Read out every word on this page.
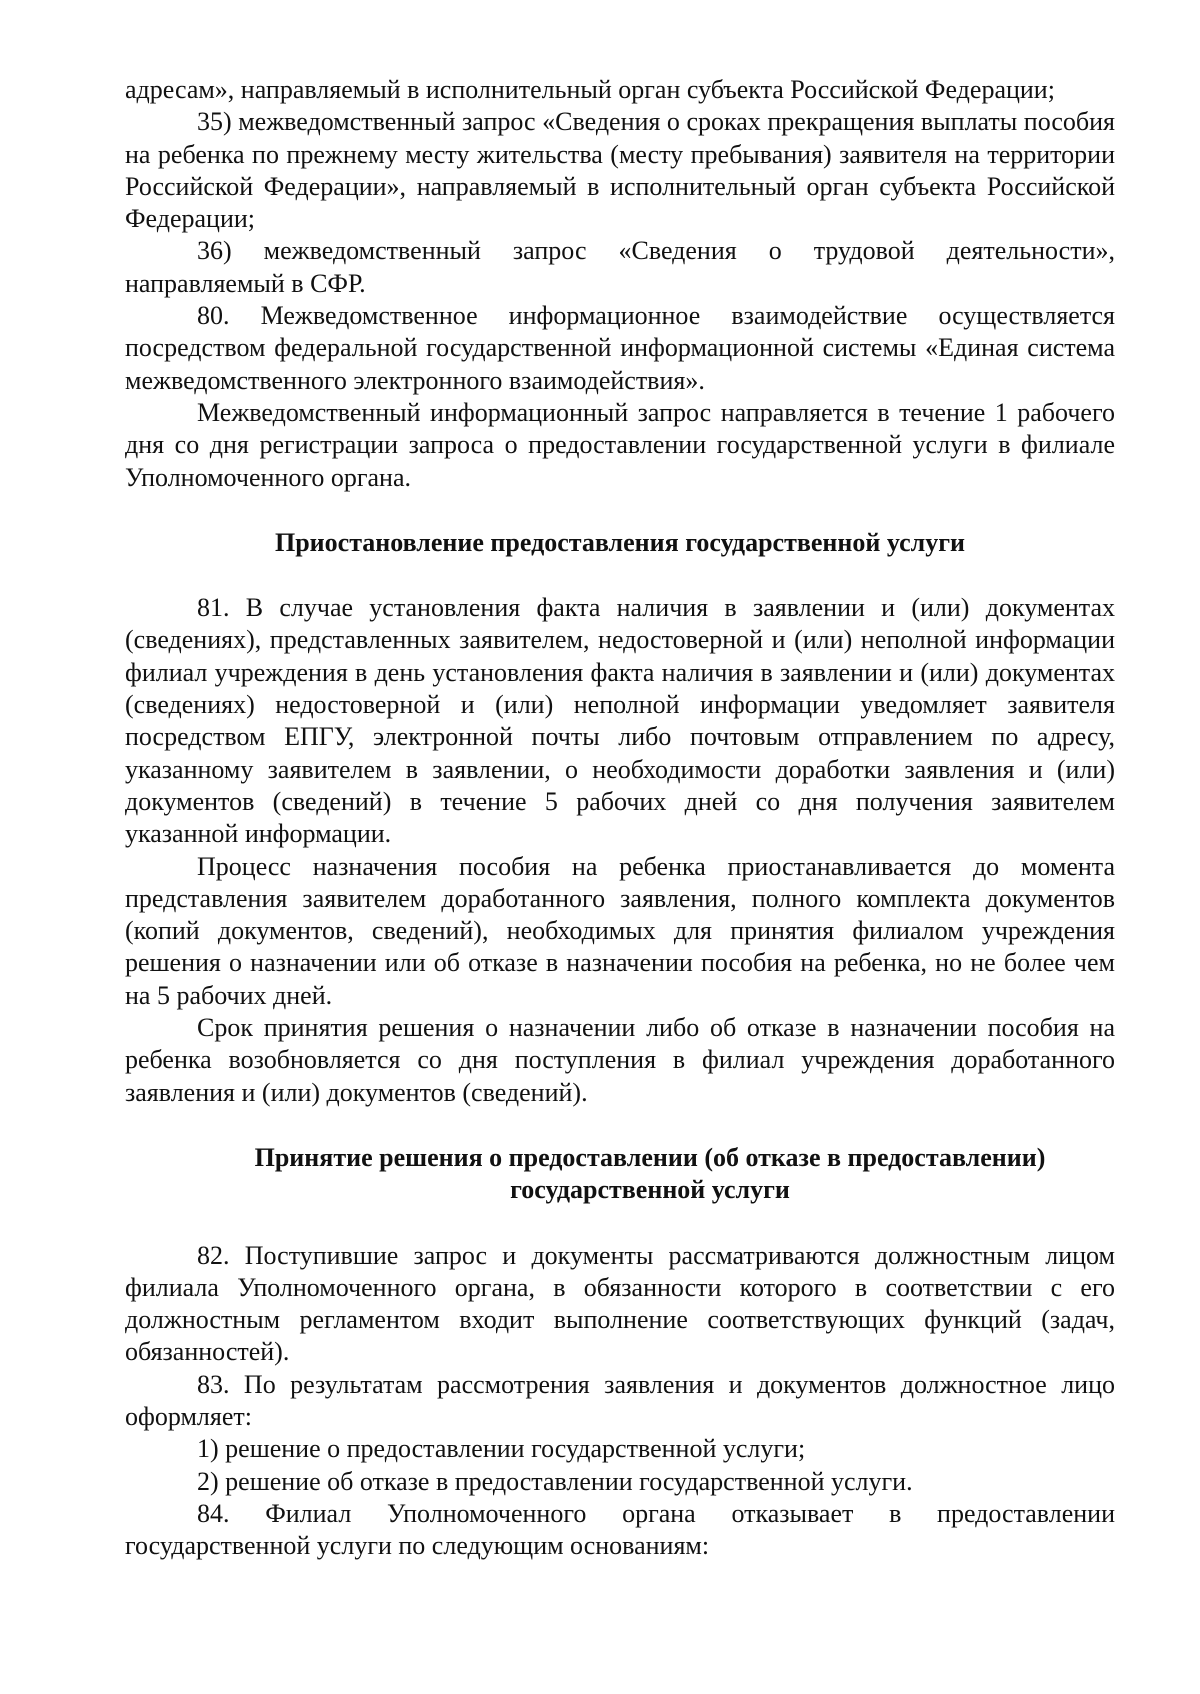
адресам», направляемый в исполнительный орган субъекта Российской Федерации;

35) межведомственный запрос «Сведения о сроках прекращения выплаты пособия на ребенка по прежнему месту жительства (месту пребывания) заявителя на территории Российской Федерации», направляемый в исполнительный орган субъекта Российской Федерации;

36) межведомственный запрос «Сведения о трудовой деятельности», направляемый в СФР.

80. Межведомственное информационное взаимодействие осуществляется посредством федеральной государственной информационной системы «Единая система межведомственного электронного взаимодействия».

Межведомственный информационный запрос направляется в течение 1 рабочего дня со дня регистрации запроса о предоставлении государственной услуги в филиале Уполномоченного органа.

Приостановление предоставления государственной услуги

81. В случае установления факта наличия в заявлении и (или) документах (сведениях), представленных заявителем, недостоверной и (или) неполной информации филиал учреждения в день установления факта наличия в заявлении и (или) документах (сведениях) недостоверной и (или) неполной информации уведомляет заявителя посредством ЕПГУ, электронной почты либо почтовым отправлением по адресу, указанному заявителем в заявлении, о необходимости доработки заявления и (или) документов (сведений) в течение 5 рабочих дней со дня получения заявителем указанной информации.

Процесс назначения пособия на ребенка приостанавливается до момента представления заявителем доработанного заявления, полного комплекта документов (копий документов, сведений), необходимых для принятия филиалом учреждения решения о назначении или об отказе в назначении пособия на ребенка, но не более чем на 5 рабочих дней.

Срок принятия решения о назначении либо об отказе в назначении пособия на ребенка возобновляется со дня поступления в филиал учреждения доработанного заявления и (или) документов (сведений).

Принятие решения о предоставлении (об отказе в предоставлении)
государственной услуги

82. Поступившие запрос и документы рассматриваются должностным лицом филиала Уполномоченного органа, в обязанности которого в соответствии с его должностным регламентом входит выполнение соответствующих функций (задач, обязанностей).

83. По результатам рассмотрения заявления и документов должностное лицо оформляет:

1) решение о предоставлении государственной услуги;

2) решение об отказе в предоставлении государственной услуги.

84. Филиал Уполномоченного органа отказывает в предоставлении государственной услуги по следующим основаниям:
